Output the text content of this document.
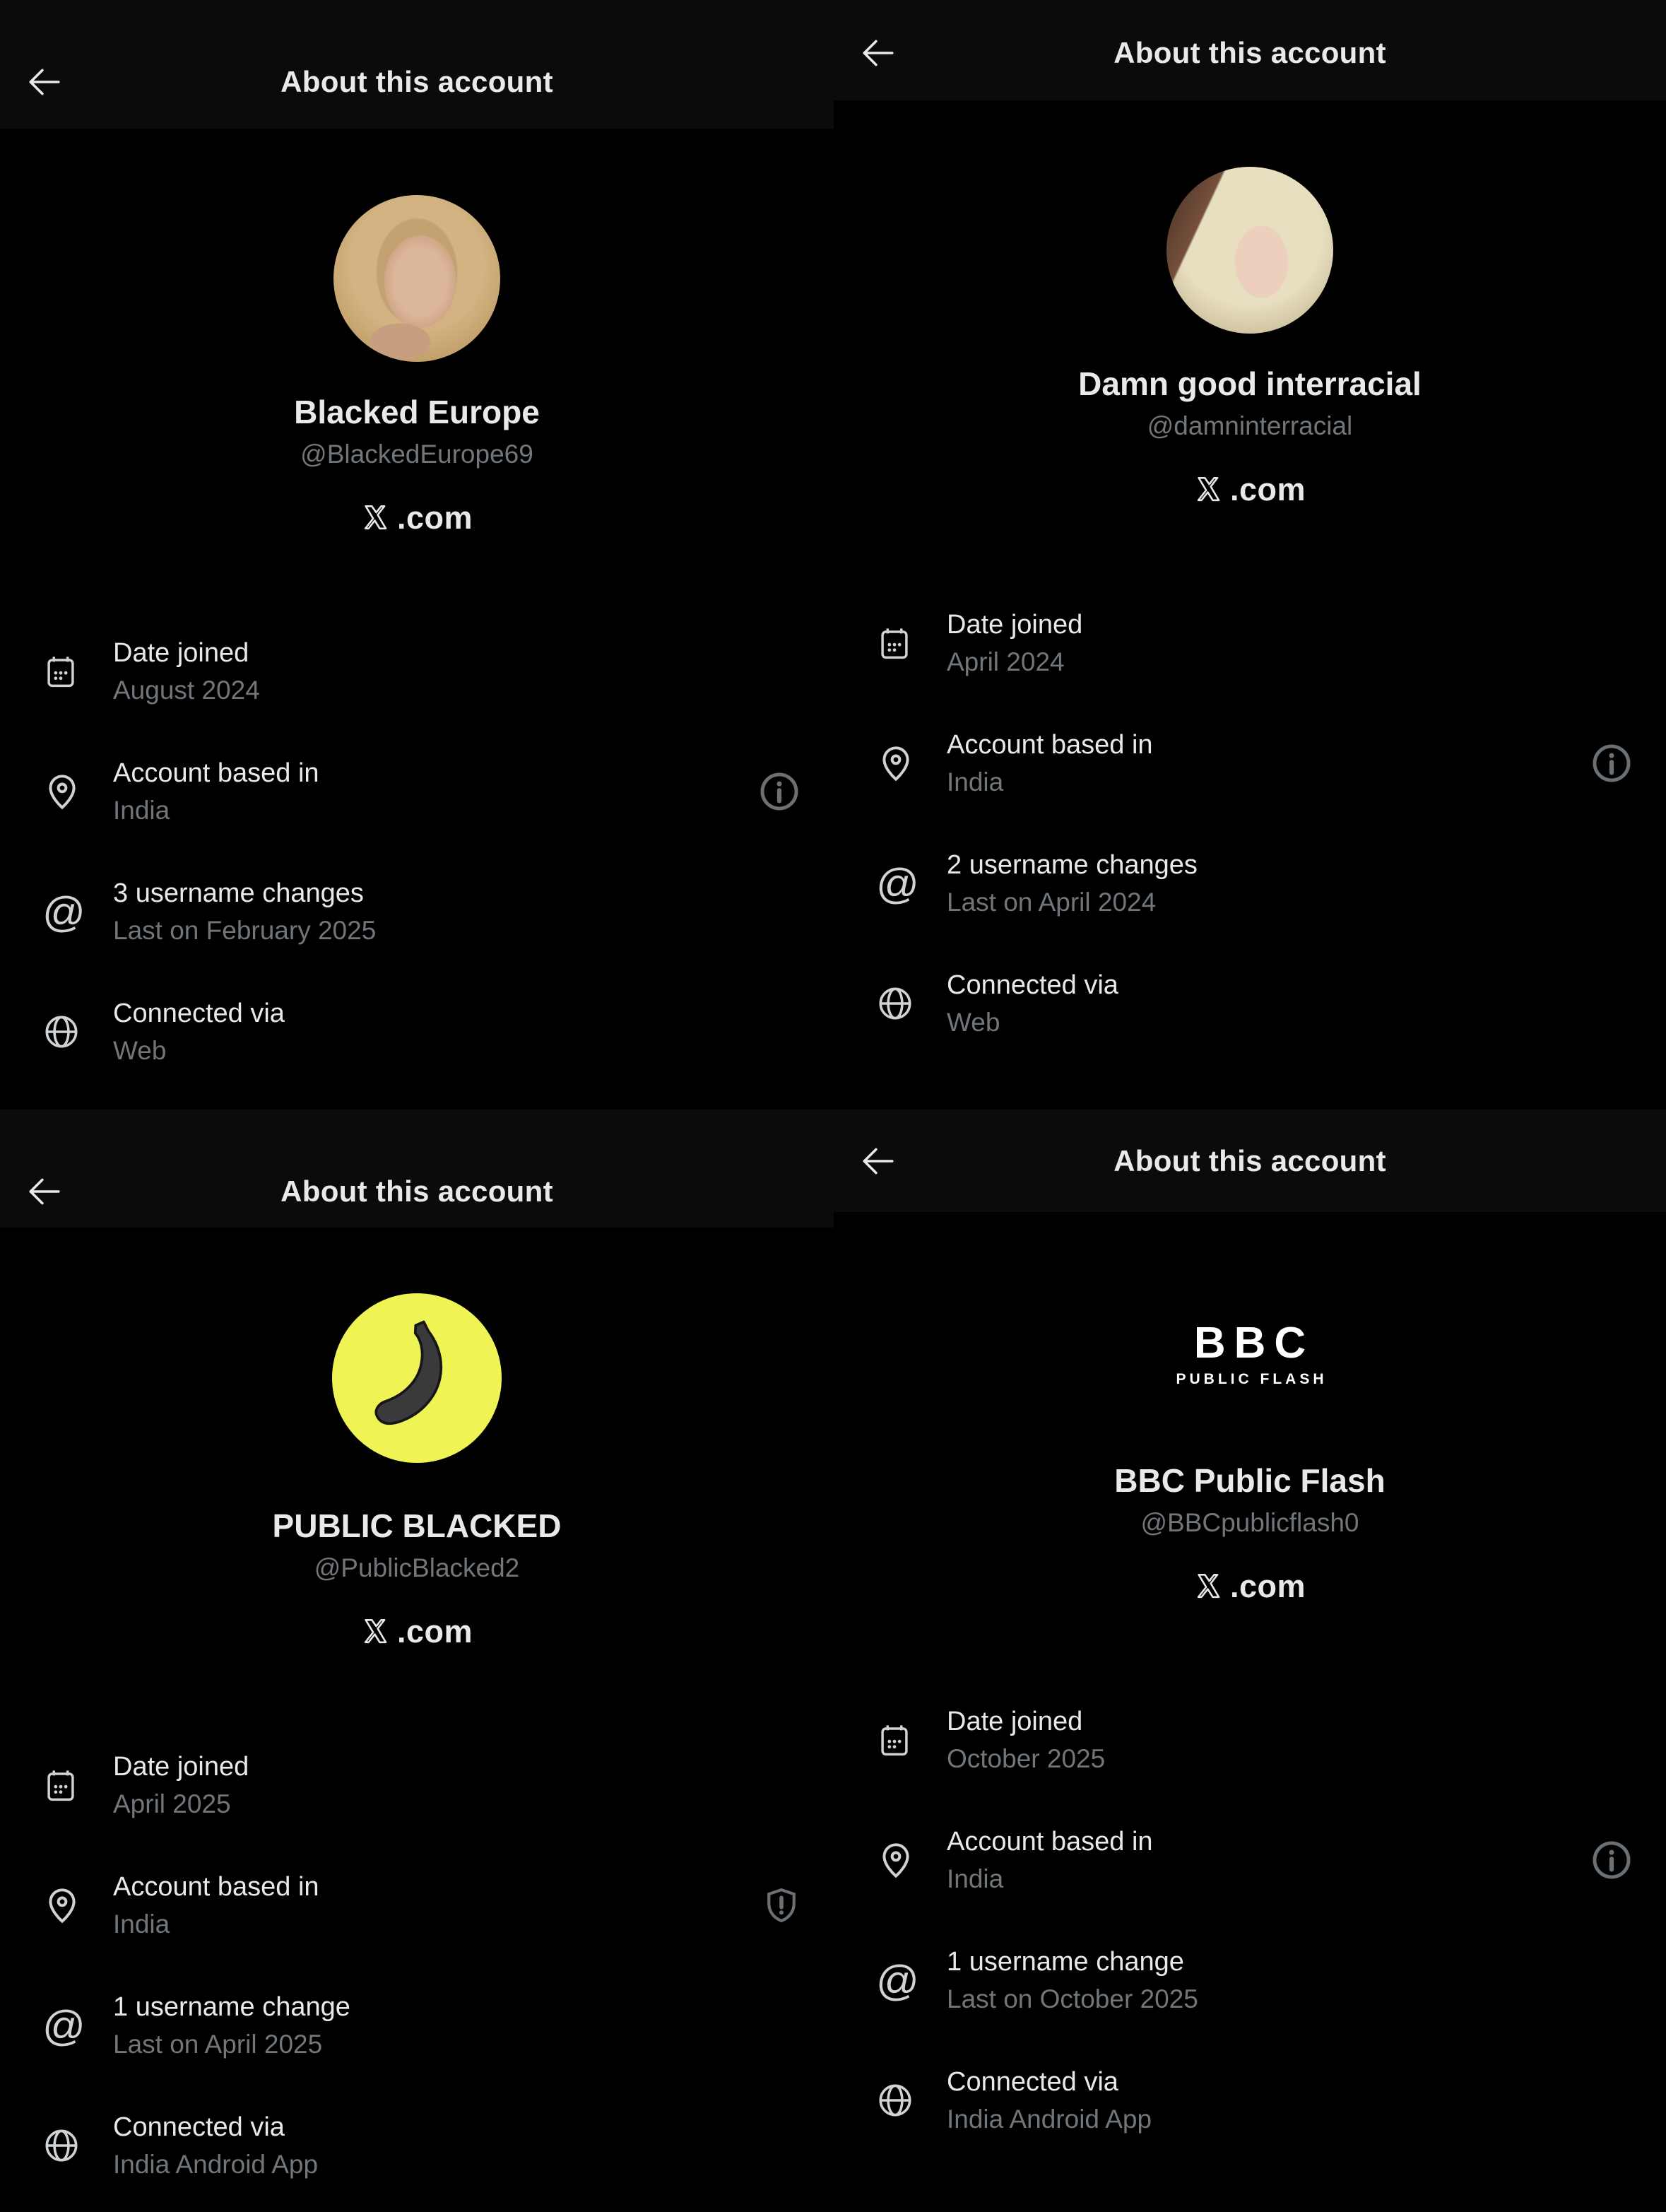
About this account
Blacked Europe
@BlackedEurope69
.com
Date joined
August 2024
Account based in
India
@	3 username changes
Last on February 2025
Connected via
Web
About this account
Damn good interracial
@damninterracial
.com
Date joined
April 2024
Account based in
India
@	2 username changes
Last on April 2024
Connected via
Web
About this account
PUBLIC BLACKED
@PublicBlacked2
.com
Date joined
April 2025
Account based in
India
@	1 username change
Last on April 2025
Connected via
India Android App
About this account
BBC
PUBLIC FLASH
BBC Public Flash
@BBCpublicflash0
.com
Date joined
October 2025
Account based in
India
@	1 username change
Last on October 2025
Connected via
India Android App
